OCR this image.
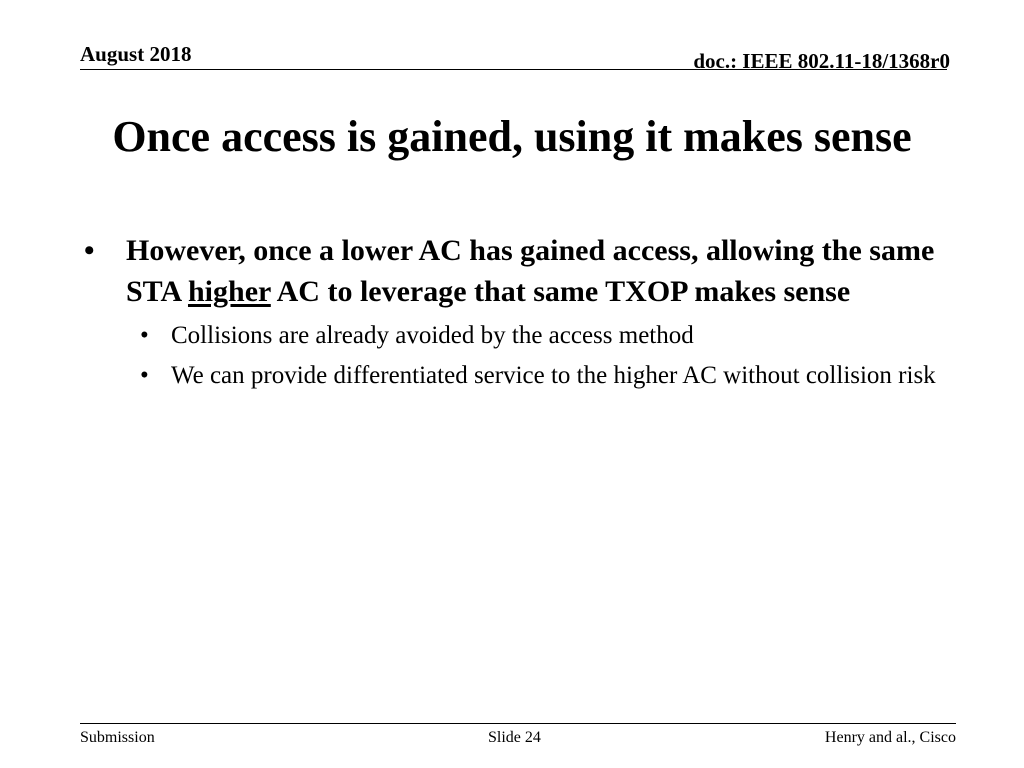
August 2018	doc.: IEEE 802.11-18/1368r0
Once access is gained, using it makes sense
• However, once a lower AC has gained access, allowing the same STA higher AC to leverage that same TXOP makes sense
• Collisions are already avoided by the access method
• We can provide differentiated service to the higher AC without collision risk
Submission	Slide 24	Henry and al., Cisco
